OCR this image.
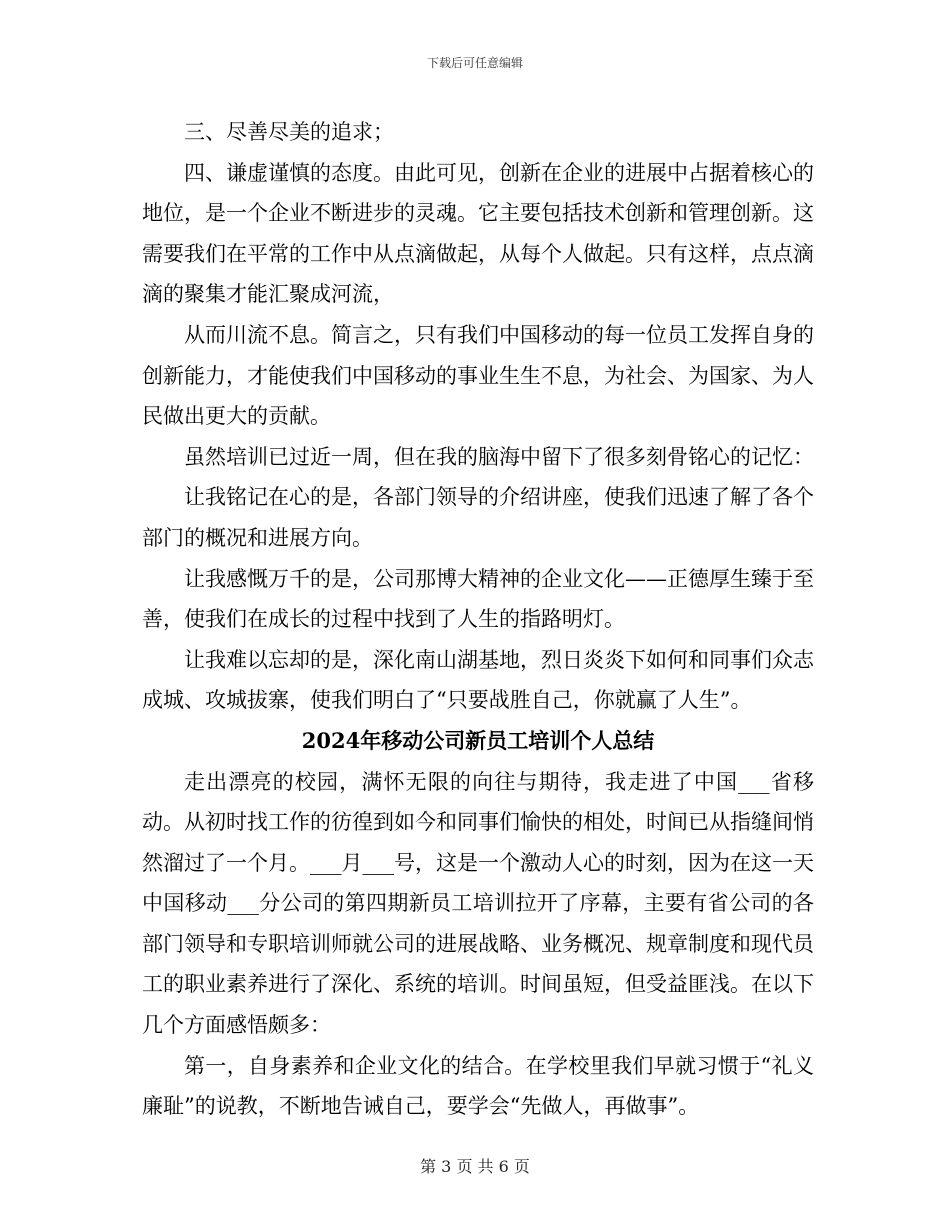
下载后可任意编辑

三、尽善尽美的追求；

四、谦虚谨慎的态度。由此可见，创新在企业的进展中占据着核心的地位，是一个企业不断进步的灵魂。它主要包括技术创新和管理创新。这需要我们在平常的工作中从点滴做起，从每个人做起。只有这样，点点滴滴的聚集才能汇聚成河流，

从而川流不息。简言之，只有我们中国移动的每一位员工发挥自身的创新能力，才能使我们中国移动的事业生生不息，为社会、为国家、为人民做出更大的贡献。

虽然培训已过近一周，但在我的脑海中留下了很多刻骨铭心的记忆：

让我铭记在心的是，各部门领导的介绍讲座，使我们迅速了解了各个部门的概况和进展方向。

让我感慨万千的是，公司那博大精神的企业文化——正德厚生臻于至善，使我们在成长的过程中找到了人生的指路明灯。

让我难以忘却的是，深化南山湖基地，烈日炎炎下如何和同事们众志成城、攻城拔寨，使我们明白了“只要战胜自己，你就赢了人生”。

2024年移动公司新员工培训个人总结

走出漂亮的校园，满怀无限的向往与期待，我走进了中国___省移动。从初时找工作的彷徨到如今和同事们愉快的相处，时间已从指缝间悄然溜过了一个月。___月___号，这是一个激动人心的时刻，因为在这一天中国移动___分公司的第四期新员工培训拉开了序幕，主要有省公司的各部门领导和专职培训师就公司的进展战略、业务概况、规章制度和现代员工的职业素养进行了深化、系统的培训。时间虽短，但受益匪浅。在以下几个方面感悟颇多：

第一，自身素养和企业文化的结合。在学校里我们早就习惯于“礼义廉耻”的说教，不断地告诫自己，要学会“先做人，再做事”。

第 3 页 共 6 页
